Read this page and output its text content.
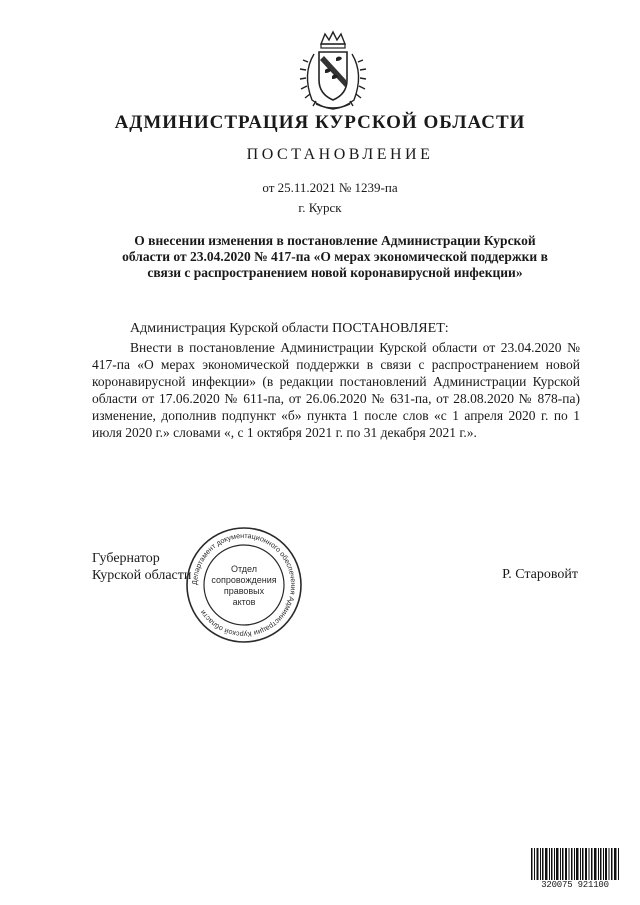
АДМИНИСТРАЦИЯ КУРСКОЙ ОБЛАСТИ
ПОСТАНОВЛЕНИЕ
от 25.11.2021 № 1239-па
г. Курск
О внесении изменения в постановление Администрации Курской области от 23.04.2020 № 417-па «О мерах экономической поддержки в связи с распространением новой коронавирусной инфекции»
Администрация Курской области ПОСТАНОВЛЯЕТ:
Внести в постановление Администрации Курской области от 23.04.2020 № 417-па «О мерах экономической поддержки в связи с распространением новой коронавирусной инфекции» (в редакции постановлений Администрации Курской области от 17.06.2020 № 611-па, от 26.06.2020 № 631-па, от 28.08.2020 № 878-па) изменение, дополнив подпункт «б» пункта 1 после слов «с 1 апреля 2020 г. по 1 июля 2020 г.» словами «, с 1 октября 2021 г. по 31 декабря 2021 г.».
Губернатор
Курской области	Р. Старовойт
Департамент документационного обеспечения Администрации Курской области
Отдел
сопровождения
правовых
актов
320075 921100
